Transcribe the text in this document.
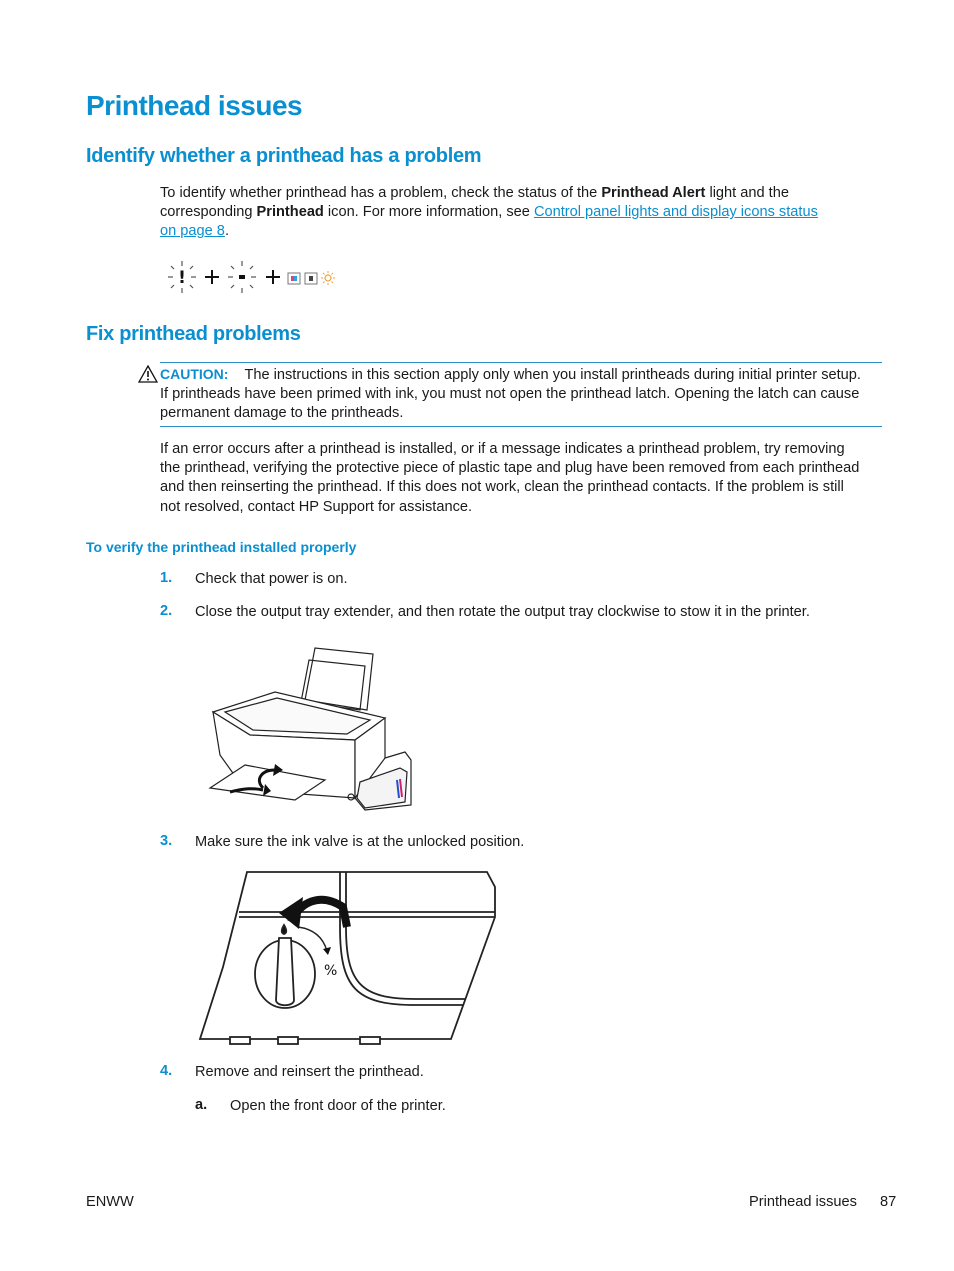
Printhead issues
Identify whether a printhead has a problem
To identify whether printhead has a problem, check the status of the Printhead Alert light and the
corresponding Printhead icon. For more information, see Control panel lights and display icons status
on page 8.
!
Fix printhead problems
CAUTION: The instructions in this section apply only when you install printheads during initial printer setup.
If printheads have been primed with ink, you must not open the printhead latch. Opening the latch can cause
permanent damage to the printheads.
If an error occurs after a printhead is installed, or if a message indicates a printhead problem, try removing
the printhead, verifying the protective piece of plastic tape and plug have been removed from each printhead
and then reinserting the printhead. If this does not work, clean the printhead contacts. If the problem is still
not resolved, contact HP Support for assistance.
To verify the printhead installed properly
1. Check that power is on.
2. Close the output tray extender, and then rotate the output tray clockwise to stow it in the printer.
3. Make sure the ink valve is at the unlocked position.
%
4. Remove and reinsert the printhead.
a. Open the front door of the printer.
ENWW	Printhead issues 87
